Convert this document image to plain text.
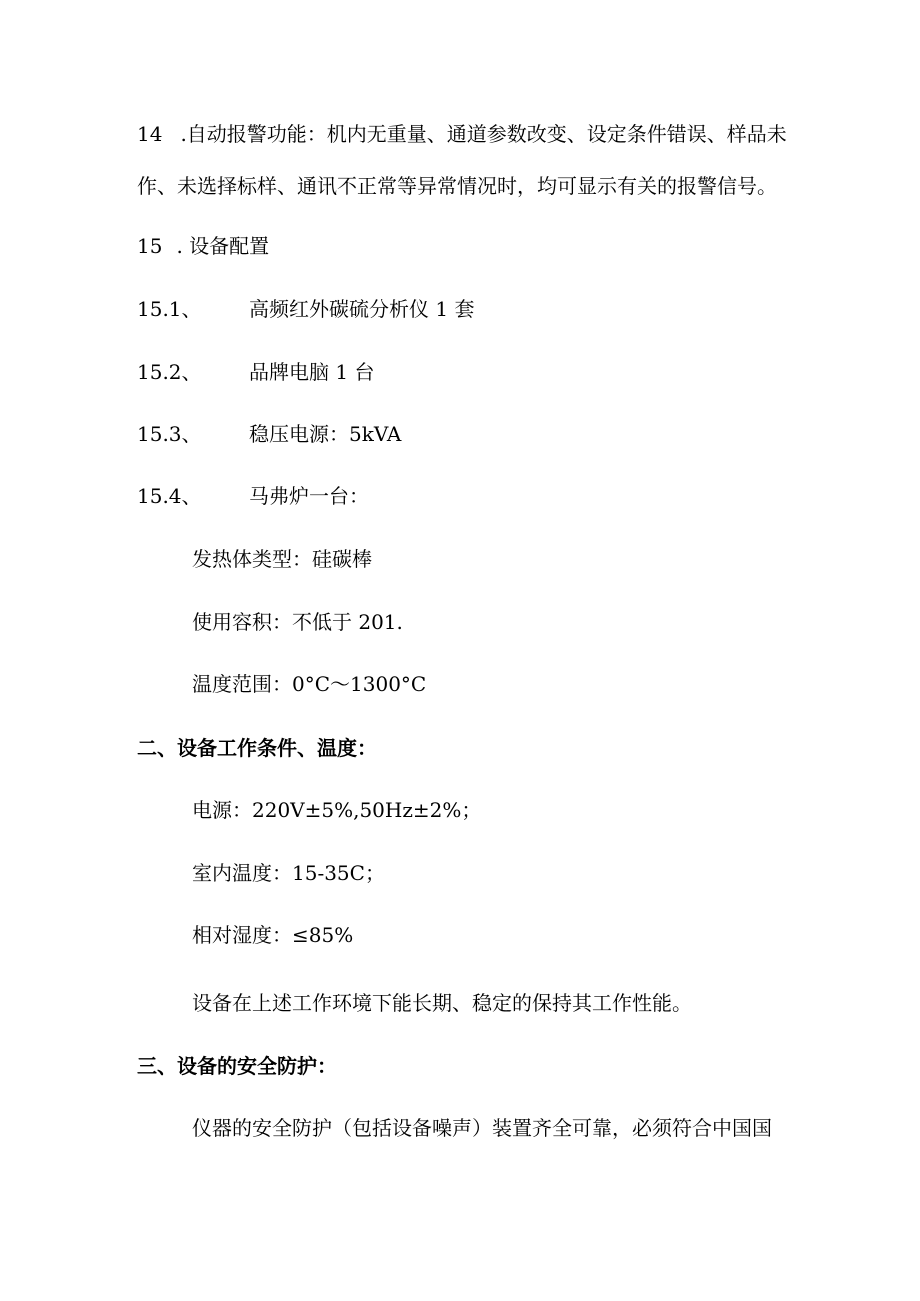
14 .自动报警功能：机内无重量、通道参数改变、设定条件错误、样品未
作、未选择标样、通讯不正常等异常情况时，均可显示有关的报警信号。
15 . 设备配置
15.1、 高频红外碳硫分析仪 1 套
15.2、 品牌电脑 1 台
15.3、 稳压电源：5kVA
15.4、 马弗炉一台：
发热体类型：硅碳棒
使用容积：不低于 201.
温度范围：0°C～1300°C
二、设备工作条件、温度：
电源：220V±5%,50Hz±2%；
室内温度：15-35C；
相对湿度：≤85%
设备在上述工作环境下能长期、稳定的保持其工作性能。
三、设备的安全防护：
仪器的安全防护（包括设备噪声）装置齐全可靠，必须符合中国国
